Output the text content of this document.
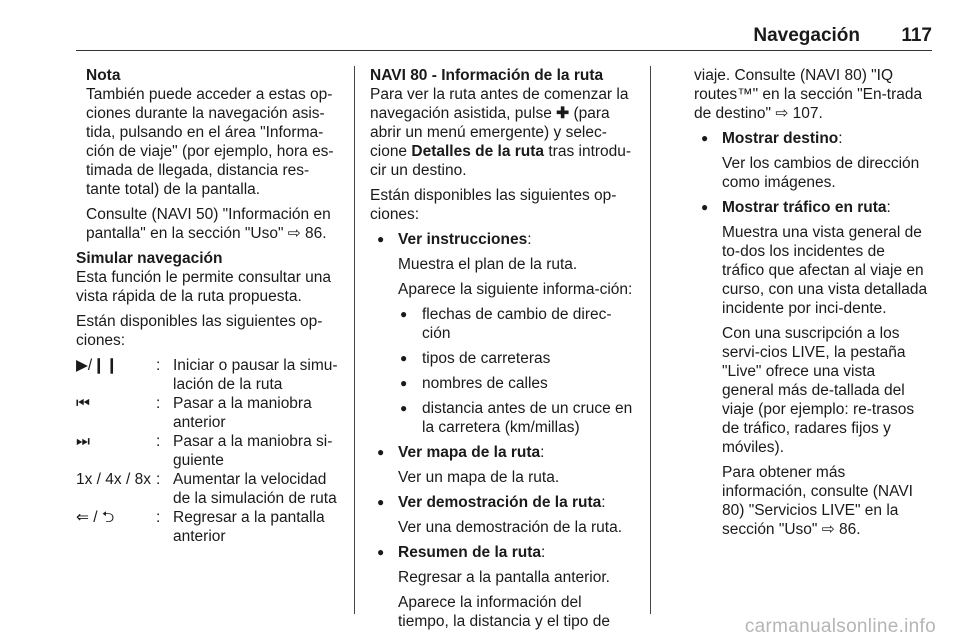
Navegación 117
Nota

También puede acceder a estas op-ciones durante la navegación asis-tida, pulsando en el área "Informa-ción de viaje" (por ejemplo, hora es-timada de llegada, distancia res-tante total) de la pantalla.

Consulte (NAVI 50) "Información en pantalla" en la sección "Uso" ⇨ 86.

Simular navegación

Esta función le permite consultar una vista rápida de la ruta propuesta.

Están disponibles las siguientes op-ciones:

▶/❙❙	: Iniciar o pausar la simu-lación de la ruta
⏮	: Pasar a la maniobra anterior
⏭	: Pasar a la maniobra si-guiente
1x / 4x / 8x : Aumentar la velocidad de la simulación de ruta
⇐ / ⮌	: Regresar a la pantalla anterior
NAVI 80 - Información de la ruta

Para ver la ruta antes de comenzar la navegación asistida, pulse ✚ (para abrir un menú emergente) y selec-cione Detalles de la ruta tras introdu-cir un destino.

Están disponibles las siguientes op-ciones:

● Ver instrucciones:

Muestra el plan de la ruta.

Aparece la siguiente informa-ción:

● flechas de cambio de direc-ción
● tipos de carreteras
● nombres de calles
● distancia antes de un cruce en la carretera (km/millas)
● Ver mapa de la ruta:

Ver un mapa de la ruta.

● Ver demostración de la ruta:

Ver una demostración de la ruta.

● Resumen de la ruta:

Regresar a la pantalla anterior.

Aparece la información del tiempo, la distancia y el tipo de

viaje. Consulte (NAVI 80) "IQ routes™" en la sección "En-trada de destino" ⇨ 107.

● Mostrar destino:

Ver los cambios de dirección como imágenes.

● Mostrar tráfico en ruta:

Muestra una vista general de to-dos los incidentes de tráfico que afectan al viaje en curso, con una vista detallada incidente por inci-dente.

Con una suscripción a los servi-cios LIVE, la pestaña "Live" ofrece una vista general más de-tallada del viaje (por ejemplo: re-trasos de tráfico, radares fijos y móviles).

Para obtener más información, consulte (NAVI 80) "Servicios LIVE" en la sección "Uso" ⇨ 86.

carmanualsonline.info
